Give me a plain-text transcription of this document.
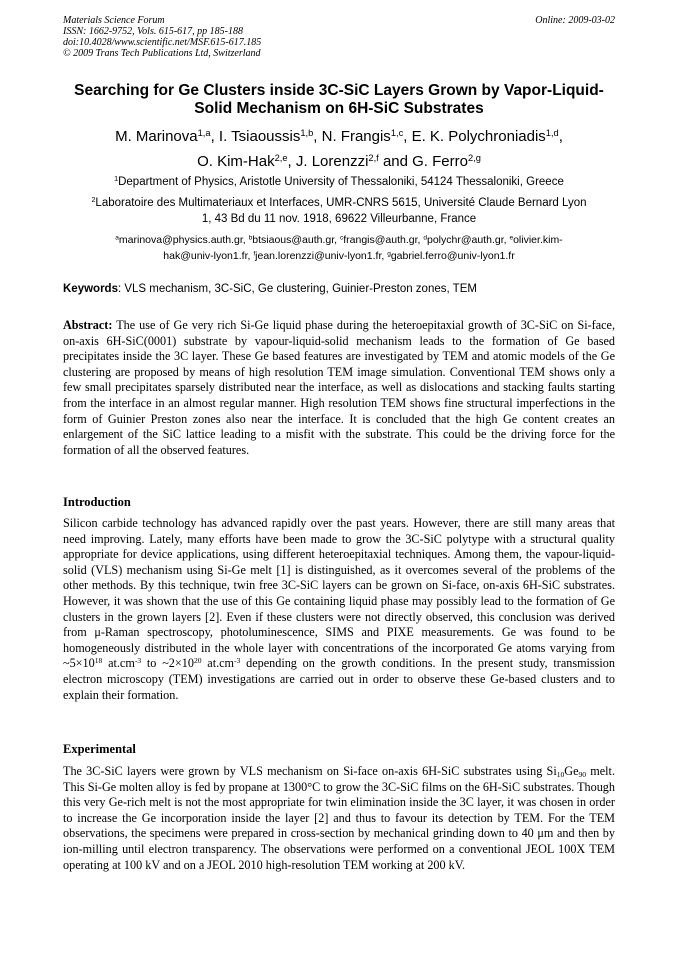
Materials Science Forum
ISSN: 1662-9752, Vols. 615-617, pp 185-188
doi:10.4028/www.scientific.net/MSF.615-617.185
© 2009 Trans Tech Publications Ltd, Switzerland
Online: 2009-03-02
Searching for Ge Clusters inside 3C-SiC Layers Grown by Vapor-Liquid-
Solid Mechanism on 6H-SiC Substrates
M. Marinova$^{1,a}$, I. Tsiaoussis$^{1,b}$, N. Frangis$^{1,c}$, E. K. Polychroniadis$^{1,d}$,
O. Kim-Hak$^{2,e}$, J. Lorenzzi$^{2,f}$ and G. Ferro$^{2,g}$
$^1$Department of Physics, Aristotle University of Thessaloniki, 54124 Thessaloniki, Greece
$^2$Laboratoire des Multimateriaux et Interfaces, UMR-CNRS 5615, Université Claude Bernard Lyon
1, 43 Bd du 11 nov. 1918, 69622 Villeurbanne, France
$^a$marinova@physics.auth.gr, $^b$btsiaous@auth.gr, $^c$frangis@auth.gr, $^d$polychr@auth.gr, $^e$olivier.kim-
hak@univ-lyon1.fr, $^f$jean.lorenzzi@univ-lyon1.fr, $^g$gabriel.ferro@univ-lyon1.fr
Keywords: VLS mechanism, 3C-SiC, Ge clustering, Guinier-Preston zones, TEM
Abstract: The use of Ge very rich Si-Ge liquid phase during the heteroepitaxial growth of 3C-SiC on Si-face, on-axis 6H-SiC(0001) substrate by vapour-liquid-solid mechanism leads to the formation of Ge based precipitates inside the 3C layer. These Ge based features are investigated by TEM and atomic models of the Ge clustering are proposed by means of high resolution TEM image simulation. Conventional TEM shows only a few small precipitates sparsely distributed near the interface, as well as dislocations and stacking faults starting from the interface in an almost regular manner. High resolution TEM shows fine structural imperfections in the form of Guinier Preston zones also near the interface. It is concluded that the high Ge content creates an enlargement of the SiC lattice leading to a misfit with the substrate. This could be the driving force for the formation of all the observed features.
Introduction
Silicon carbide technology has advanced rapidly over the past years. However, there are still many areas that need improving. Lately, many efforts have been made to grow the 3C-SiC polytype with a structural quality appropriate for device applications, using different heteroepitaxial techniques. Among them, the vapour-liquid-solid (VLS) mechanism using Si-Ge melt [1] is distinguished, as it overcomes several of the problems of the other methods. By this technique, twin free 3C-SiC layers can be grown on Si-face, on-axis 6H-SiC substrates. However, it was shown that the use of this Ge containing liquid phase may possibly lead to the formation of Ge clusters in the grown layers [2]. Even if these clusters were not directly observed, this conclusion was derived from μ-Raman spectroscopy, photoluminescence, SIMS and PIXE measurements. Ge was found to be homogeneously distributed in the whole layer with concentrations of the incorporated Ge atoms varying from $\sim 5\times 10^{18}$ $at.cm^{-3}$ to $\sim 2\times 10^{20}$ $at.cm^{-3}$ depending on the growth conditions. In the present study, transmission electron microscopy (TEM) investigations are carried out in order to observe these Ge-based clusters and to explain their formation.
Experimental
The 3C-SiC layers were grown by VLS mechanism on Si-face on-axis 6H-SiC substrates using $Si_{10}Ge_{90}$ melt. This Si-Ge molten alloy is fed by propane at 1300°C to grow the 3C-SiC films on the 6H-SiC substrates. Though this very Ge-rich melt is not the most appropriate for twin elimination inside the 3C layer, it was chosen in order to increase the Ge incorporation inside the layer [2] and thus to favour its detection by TEM. For the TEM observations, the specimens were prepared in cross-section by mechanical grinding down to 40 μm and then by ion-milling until electron transparency. The observations were performed on a conventional JEOL 100X TEM operating at 100 kV and on a JEOL 2010 high-resolution TEM working at 200 kV.
